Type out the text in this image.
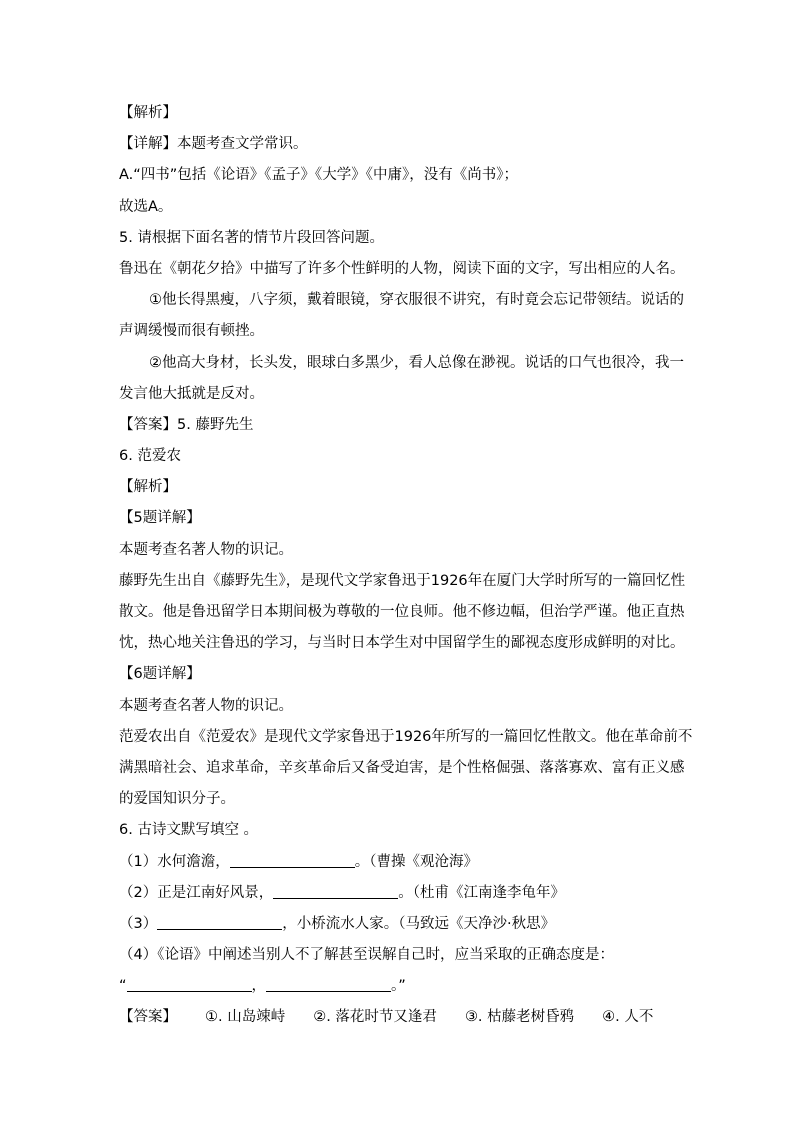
【解析】
【详解】本题考查文学常识。
A.“四书”包括《论语》《孟子》《大学》《中庸》，没有《尚书》；
故选A。
5. 请根据下面名著的情节片段回答问题。
鲁迅在《朝花夕拾》中描写了许多个性鲜明的人物，阅读下面的文字，写出相应的人名。
①他长得黑瘦，八字须，戴着眼镜，穿衣服很不讲究，有时竟会忘记带领结。说话的
声调缓慢而很有顿挫。
②他高大身材，长头发，眼球白多黑少，看人总像在渺视。说话的口气也很冷，我一
发言他大抵就是反对。
【答案】5. 藤野先生
6. 范爱农
【解析】
【5题详解】
本题考查名著人物的识记。
藤野先生出自《藤野先生》，是现代文学家鲁迅于1926年在厦门大学时所写的一篇回忆性
散文。他是鲁迅留学日本期间极为尊敬的一位良师。他不修边幅，但治学严谨。他正直热
忱，热心地关注鲁迅的学习，与当时日本学生对中国留学生的鄙视态度形成鲜明的对比。
【6题详解】
本题考查名著人物的识记。
范爱农出自《范爱农》是现代文学家鲁迅于1926年所写的一篇回忆性散文。他在革命前不
满黑暗社会、追求革命，辛亥革命后又备受迫害，是个性格倔强、落落寡欢、富有正义感
的爱国知识分子。
6. 古诗文默写填空 。
（1）水何澹澹，	。（曹操《观沧海》
（2）正是江南好风景，	。（杜甫《江南逢李龟年》
（3）	，小桥流水人家。（马致远《天净沙·秋思》
（4）《论语》中阐述当别人不了解甚至误解自己时，应当采取的正确态度是：
“	，	。”
【答案】 ①. 山岛竦峙 ②. 落花时节又逢君 ③. 枯藤老树昏鸦 ④. 人不
